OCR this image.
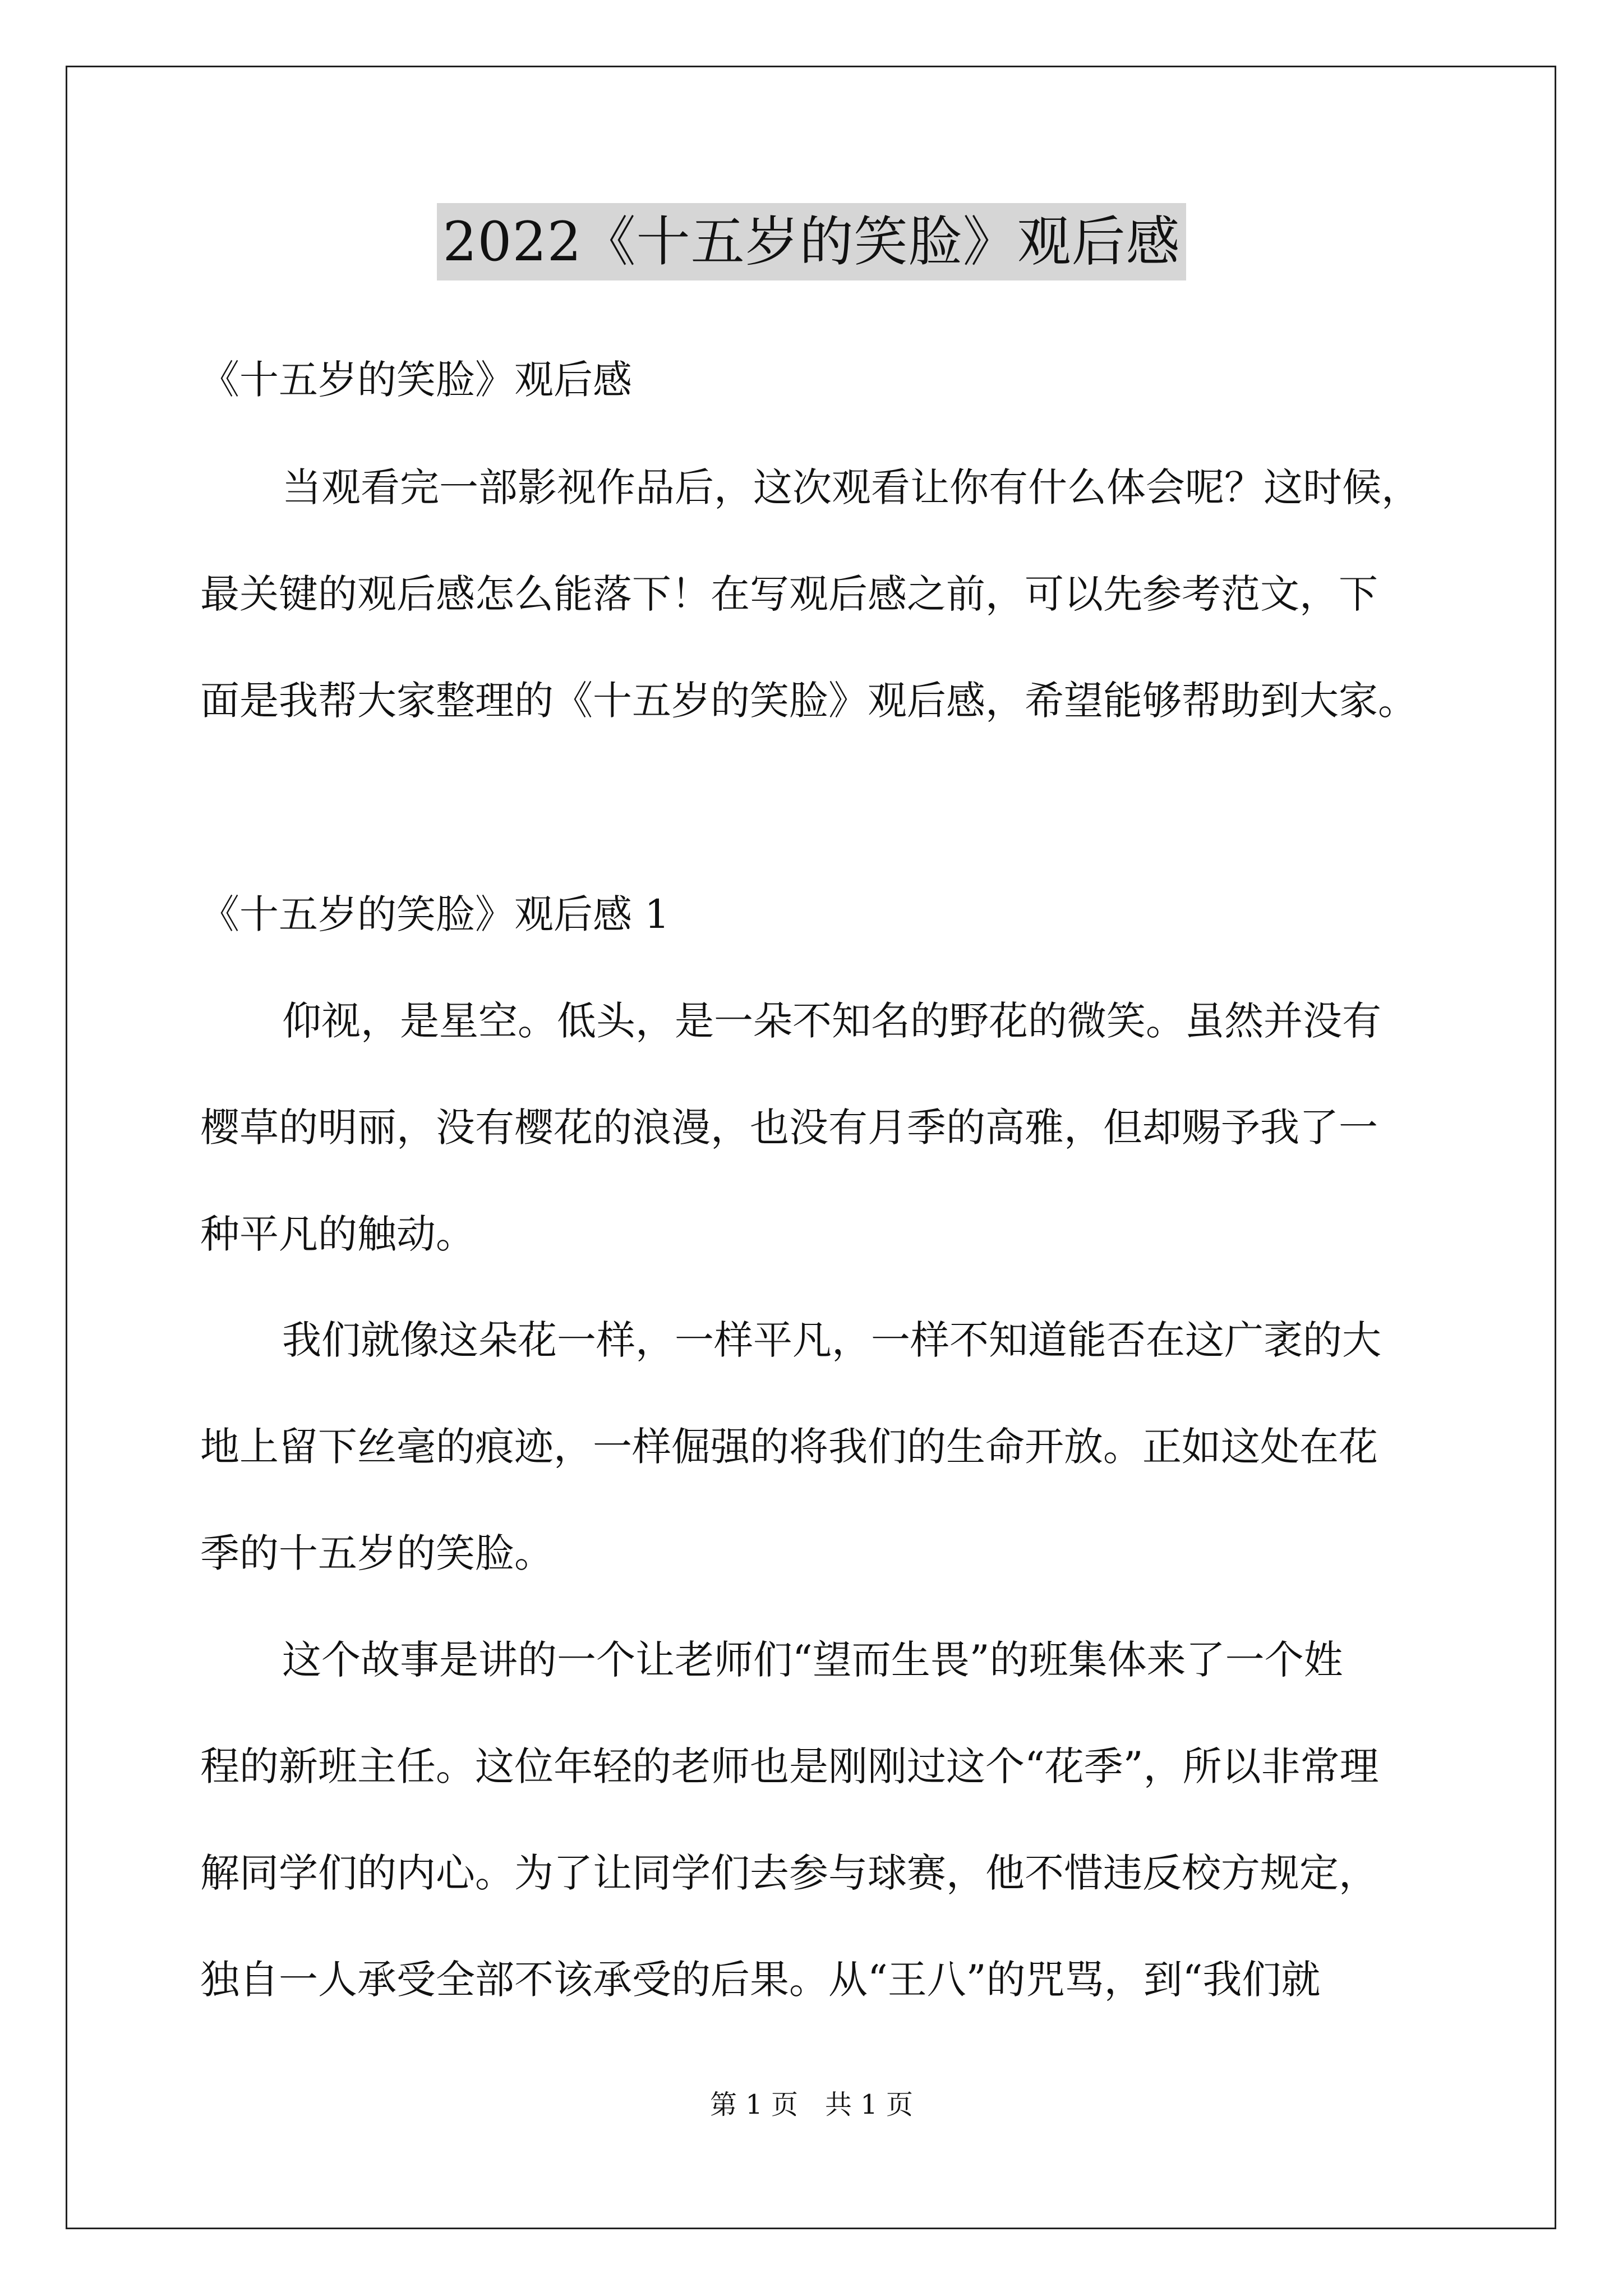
2022《十五岁的笑脸》观后感
《十五岁的笑脸》观后感
当观看完一部影视作品后，这次观看让你有什么体会呢？这时候，
最关键的观后感怎么能落下！在写观后感之前，可以先参考范文，下
面是我帮大家整理的《十五岁的笑脸》观后感，希望能够帮助到大家。
《十五岁的笑脸》观后感 1
仰视，是星空。低头，是一朵不知名的野花的微笑。虽然并没有
樱草的明丽，没有樱花的浪漫，也没有月季的高雅，但却赐予我了一
种平凡的触动。
我们就像这朵花一样，一样平凡，一样不知道能否在这广袤的大
地上留下丝毫的痕迹，一样倔强的将我们的生命开放。正如这处在花
季的十五岁的笑脸。
这个故事是讲的一个让老师们“望而生畏”的班集体来了一个姓
程的新班主任。这位年轻的老师也是刚刚过这个“花季”，所以非常理
解同学们的内心。为了让同学们去参与球赛，他不惜违反校方规定，
独自一人承受全部不该承受的后果。从“王八”的咒骂，到“我们就
第 1 页　共 1 页
